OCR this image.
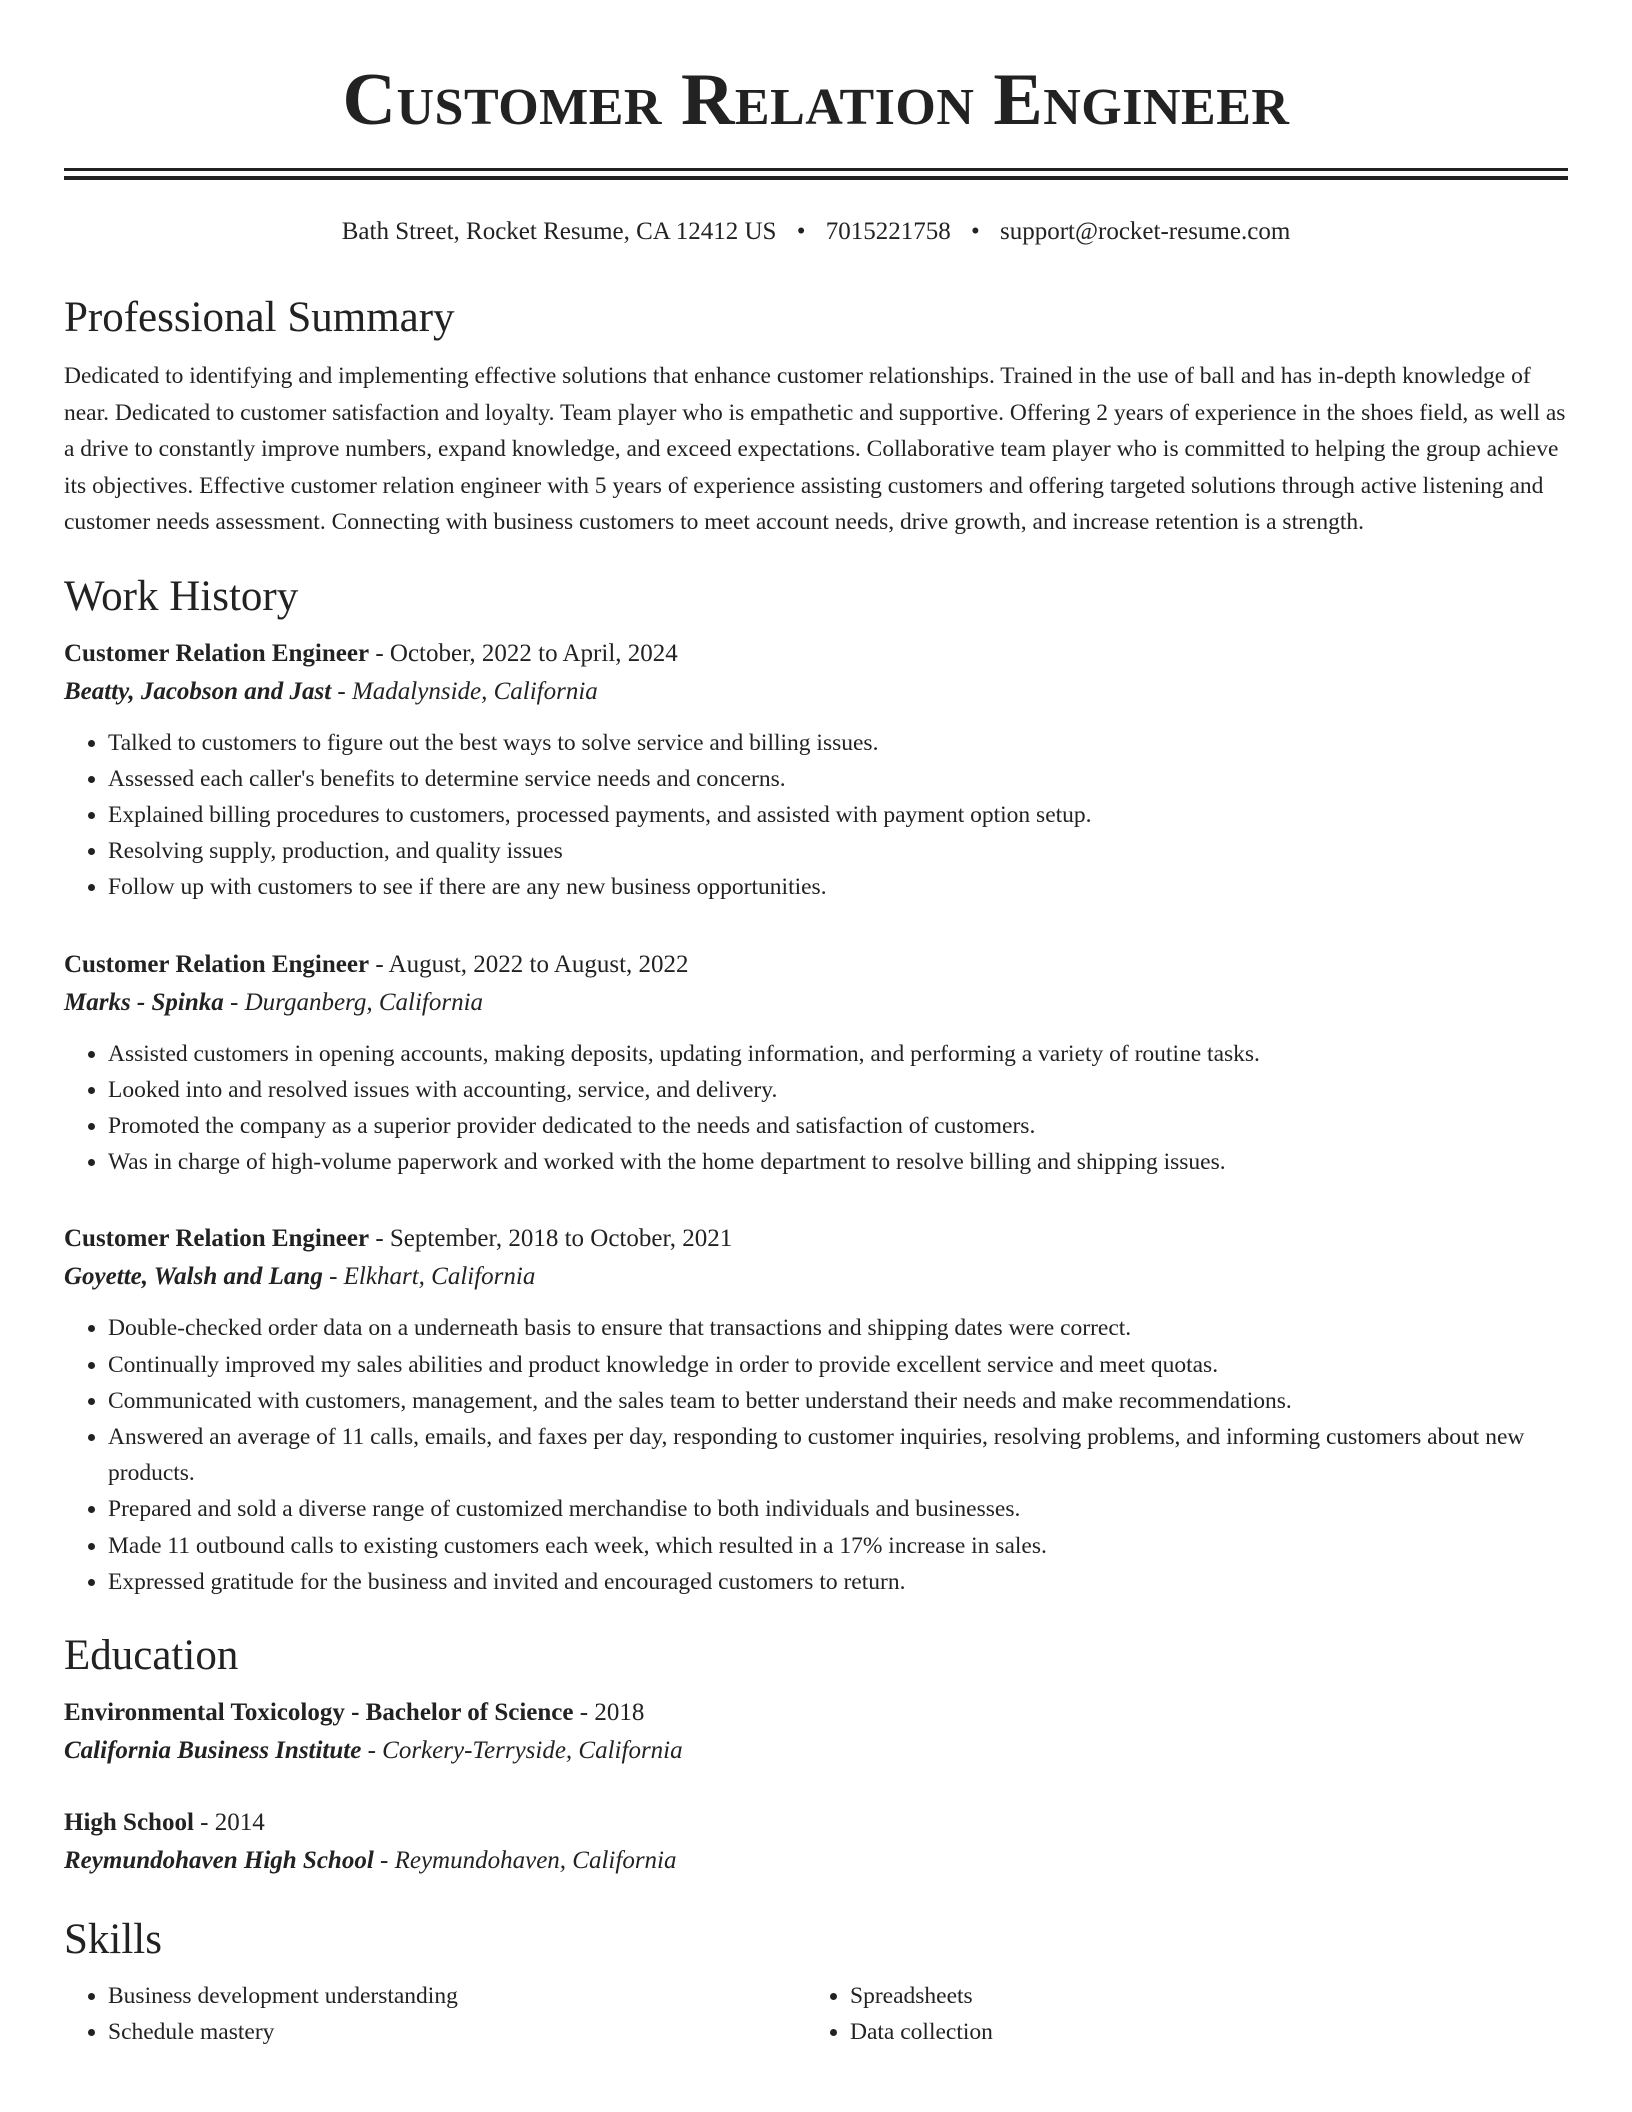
Customer Relation Engineer
Bath Street, Rocket Resume, CA 12412 US • 7015221758 • support@rocket-resume.com
Professional Summary

Dedicated to identifying and implementing effective solutions that enhance customer relationships. Trained in the use of ball and has in-depth knowledge of near. Dedicated to customer satisfaction and loyalty. Team player who is empathetic and supportive. Offering 2 years of experience in the shoes field, as well as a drive to constantly improve numbers, expand knowledge, and exceed expectations. Collaborative team player who is committed to helping the group achieve its objectives. Effective customer relation engineer with 5 years of experience assisting customers and offering targeted solutions through active listening and customer needs assessment. Connecting with business customers to meet account needs, drive growth, and increase retention is a strength.

Work History
Customer Relation Engineer - October, 2022 to April, 2024
Beatty, Jacobson and Jast - Madalynside, California
• Talked to customers to figure out the best ways to solve service and billing issues.
• Assessed each caller's benefits to determine service needs and concerns.
• Explained billing procedures to customers, processed payments, and assisted with payment option setup.
• Resolving supply, production, and quality issues
• Follow up with customers to see if there are any new business opportunities.
Customer Relation Engineer - August, 2022 to August, 2022
Marks - Spinka - Durganberg, California
• Assisted customers in opening accounts, making deposits, updating information, and performing a variety of routine tasks.
• Looked into and resolved issues with accounting, service, and delivery.
• Promoted the company as a superior provider dedicated to the needs and satisfaction of customers.
• Was in charge of high-volume paperwork and worked with the home department to resolve billing and shipping issues.
Customer Relation Engineer - September, 2018 to October, 2021
Goyette, Walsh and Lang - Elkhart, California
• Double-checked order data on a underneath basis to ensure that transactions and shipping dates were correct.
• Continually improved my sales abilities and product knowledge in order to provide excellent service and meet quotas.
• Communicated with customers, management, and the sales team to better understand their needs and make recommendations.
• Answered an average of 11 calls, emails, and faxes per day, responding to customer inquiries, resolving problems, and informing customers about new products.
• Prepared and sold a diverse range of customized merchandise to both individuals and businesses.
• Made 11 outbound calls to existing customers each week, which resulted in a 17% increase in sales.
• Expressed gratitude for the business and invited and encouraged customers to return.
Education
Environmental Toxicology - Bachelor of Science - 2018
California Business Institute - Corkery-Terryside, California
High School - 2014
Reymundohaven High School - Reymundohaven, California
Skills
• Business development understanding
• Schedule mastery
• Spreadsheets
• Data collection
